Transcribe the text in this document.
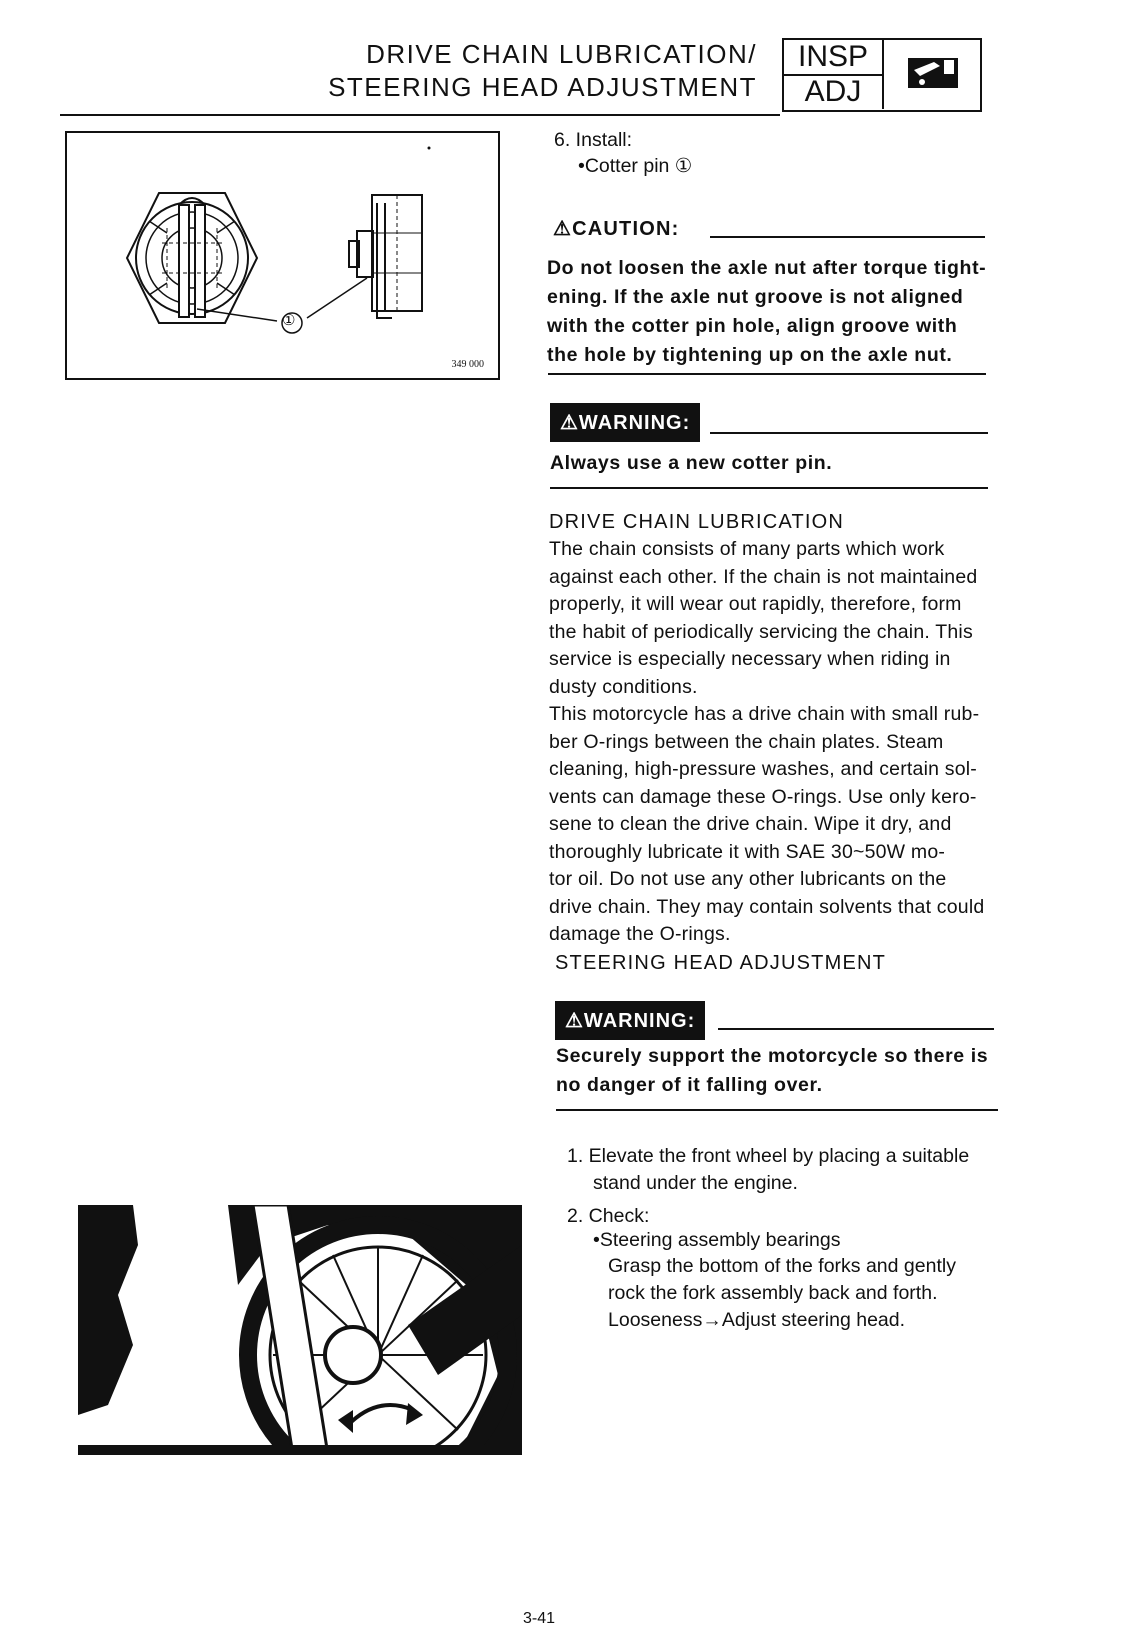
DRIVE CHAIN LUBRICATION/
STEERING HEAD ADJUSTMENT
INSP
ADJ
①
349 000
6. Install:
•Cotter pin ①
⚠CAUTION:
Do not loosen the axle nut after torque tight-
ening. If the axle nut groove is not aligned
with the cotter pin hole, align groove with
the hole by tightening up on the axle nut.
⚠WARNING:
Always use a new cotter pin.
DRIVE CHAIN LUBRICATION
The chain consists of many parts which work
against each other. If the chain is not maintained
properly, it will wear out rapidly, therefore, form
the habit of periodically servicing the chain. This
service is especially necessary when riding in
dusty conditions.
This motorcycle has a drive chain with small rub-
ber O-rings between the chain plates. Steam
cleaning, high-pressure washes, and certain sol-
vents can damage these O-rings. Use only kero-
sene to clean the drive chain. Wipe it dry, and
thoroughly lubricate it with SAE 30~50W mo-
tor oil. Do not use any other lubricants on the
drive chain. They may contain solvents that could
damage the O-rings.
STEERING HEAD ADJUSTMENT
⚠WARNING:
Securely support the motorcycle so there is
no danger of it falling over.
1. Elevate the front wheel by placing a suitable
stand under the engine.
2. Check:
•Steering assembly bearings
Grasp the bottom of the forks and gently
rock the fork assembly back and forth.
Looseness→Adjust steering head.
3-41
